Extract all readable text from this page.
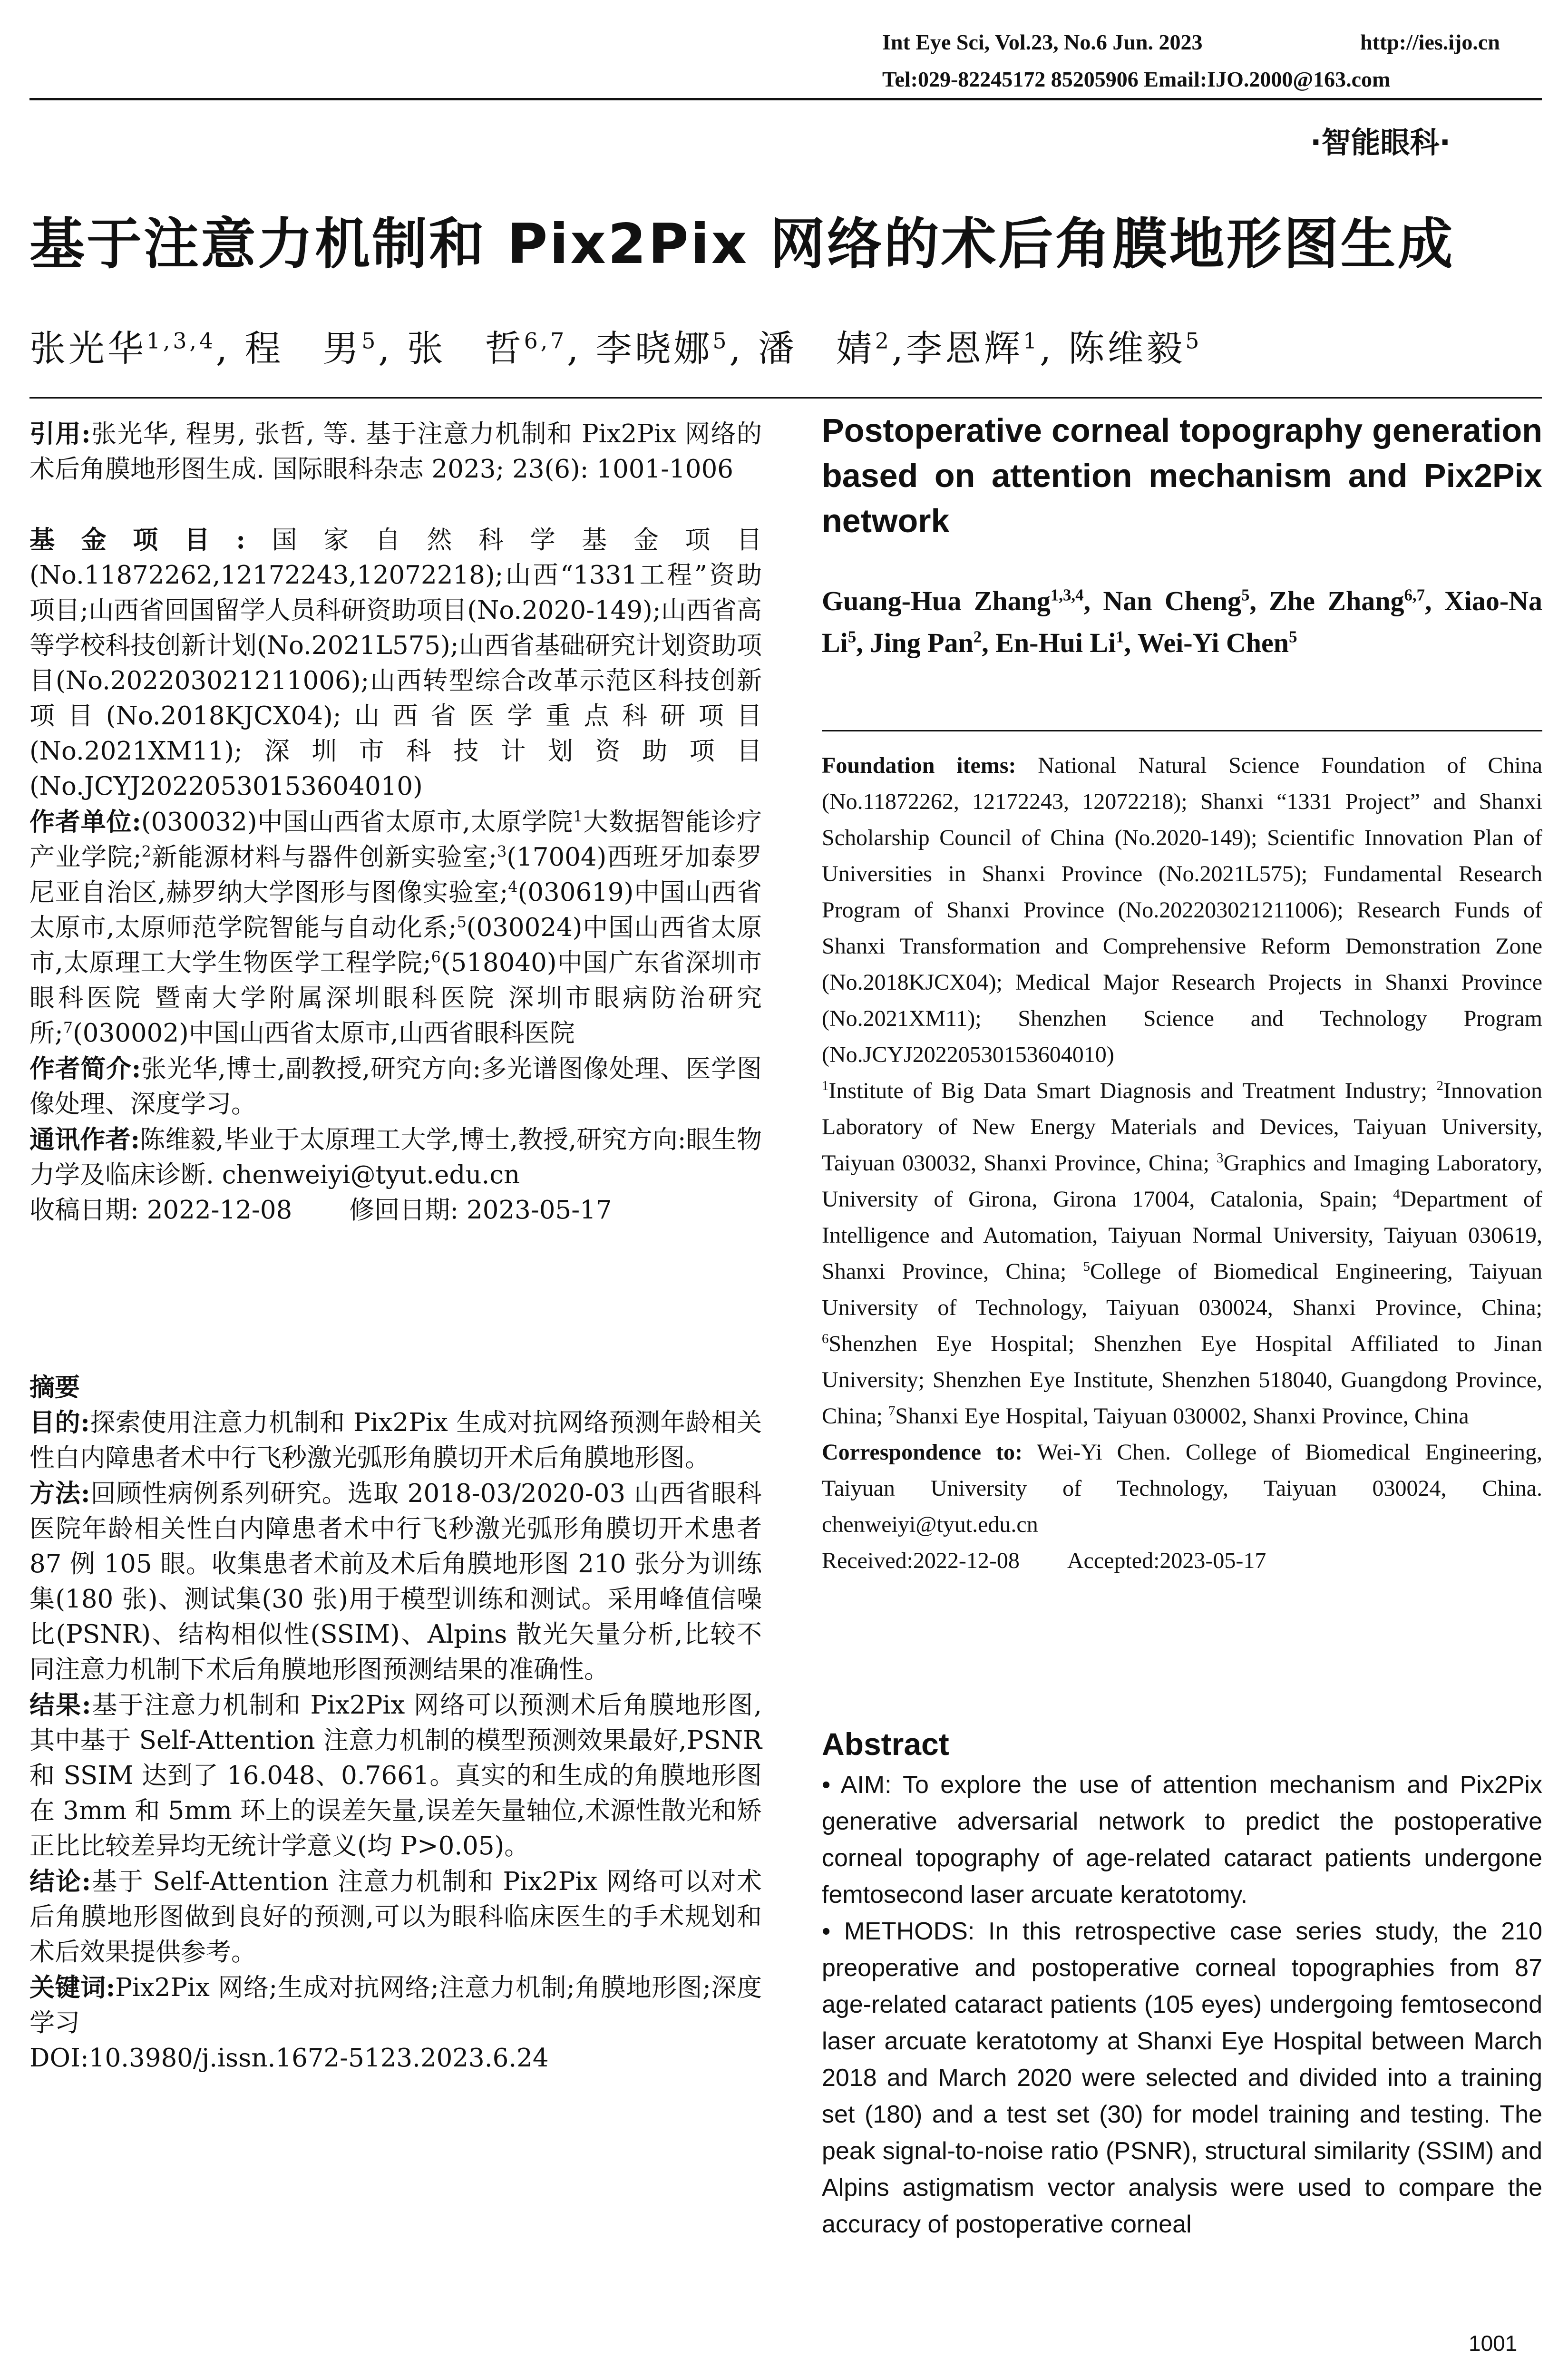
Int Eye Sci, Vol.23, No.6 Jun. 2023	http://ies.ijo.cn
Tel:029-82245172 85205906 Email:IJO.2000@163.com
·智能眼科·
基于注意力机制和 Pix2Pix 网络的术后角膜地形图生成
张光华$^{1,3,4}$, 程　男$^5$, 张　哲$^{6,7}$, 李晓娜$^5$, 潘　婧$^2$,李恩辉$^1$, 陈维毅$^5$

引用:张光华, 程男, 张哲, 等. 基于注意力机制和 Pix2Pix 网络的术后角膜地形图生成. 国际眼科杂志 2023; 23(6): 1001-1006

基金项目:国家自然科学基金项目(No.11872262,12172243,12072218);山西“1331工程”资助项目;山西省回国留学人员科研资助项目(No.2020-149);山西省高等学校科技创新计划(No.2021L575);山西省基础研究计划资助项目(No.202203021211006);山西转型综合改革示范区科技创新项目(No.2018KJCX04);山西省医学重点科研项目(No.2021XM11);深圳市科技计划资助项目(No.JCYJ20220530153604010)

作者单位:(030032)中国山西省太原市,太原学院$^1$大数据智能诊疗产业学院;$^2$新能源材料与器件创新实验室;$^3$(17004)西班牙加泰罗尼亚自治区,赫罗纳大学图形与图像实验室;$^4$(030619)中国山西省太原市,太原师范学院智能与自动化系;$^5$(030024)中国山西省太原市,太原理工大学生物医学工程学院;$^6$(518040)中国广东省深圳市眼科医院 暨南大学附属深圳眼科医院 深圳市眼病防治研究所;$^7$(030002)中国山西省太原市,山西省眼科医院

作者简介:张光华,博士,副教授,研究方向:多光谱图像处理、医学图像处理、深度学习。

通讯作者:陈维毅,毕业于太原理工大学,博士,教授,研究方向:眼生物力学及临床诊断. chenweiyi@tyut.edu.cn

收稿日期: 2022-12-08 修回日期: 2023-05-17

摘要

目的:探索使用注意力机制和 Pix2Pix 生成对抗网络预测年龄相关性白内障患者术中行飞秒激光弧形角膜切开术后角膜地形图。

方法:回顾性病例系列研究。选取 2018-03/2020-03 山西省眼科医院年龄相关性白内障患者术中行飞秒激光弧形角膜切开术患者 87 例 105 眼。收集患者术前及术后角膜地形图 210 张分为训练集(180 张)、测试集(30 张)用于模型训练和测试。采用峰值信噪比(PSNR)、结构相似性(SSIM)、Alpins 散光矢量分析,比较不同注意力机制下术后角膜地形图预测结果的准确性。

结果:基于注意力机制和 Pix2Pix 网络可以预测术后角膜地形图,其中基于 Self-Attention 注意力机制的模型预测效果最好,PSNR 和 SSIM 达到了 16.048、0.7661。真实的和生成的角膜地形图在 3mm 和 5mm 环上的误差矢量,误差矢量轴位,术源性散光和矫正比比较差异均无统计学意义(均 P>0.05)。

结论:基于 Self-Attention 注意力机制和 Pix2Pix 网络可以对术后角膜地形图做到良好的预测,可以为眼科临床医生的手术规划和术后效果提供参考。

关键词:Pix2Pix 网络;生成对抗网络;注意力机制;角膜地形图;深度学习

DOI:10.3980/j.issn.1672-5123.2023.6.24

Postoperative corneal topography generation based on attention mechanism and Pix2Pix network
Guang-Hua Zhang$^{1,3,4}$, Nan Cheng$^5$, Zhe Zhang$^{6,7}$, Xiao-Na Li$^5$, Jing Pan$^2$, En-Hui Li$^1$, Wei-Yi Chen$^5$
Foundation items: National Natural Science Foundation of China (No.11872262, 12172243, 12072218); Shanxi “1331 Project” and Shanxi Scholarship Council of China (No.2020-149); Scientific Innovation Plan of Universities in Shanxi Province (No.2021L575); Fundamental Research Program of Shanxi Province (No.202203021211006); Research Funds of Shanxi Transformation and Comprehensive Reform Demonstration Zone (No.2018KJCX04); Medical Major Research Projects in Shanxi Province (No.2021XM11); Shenzhen Science and Technology Program (No.JCYJ20220530153604010)
$^1$Institute of Big Data Smart Diagnosis and Treatment Industry; $^2$Innovation Laboratory of New Energy Materials and Devices, Taiyuan University, Taiyuan 030032, Shanxi Province, China; $^3$Graphics and Imaging Laboratory, University of Girona, Girona 17004, Catalonia, Spain; $^4$Department of Intelligence and Automation, Taiyuan Normal University, Taiyuan 030619, Shanxi Province, China; $^5$College of Biomedical Engineering, Taiyuan University of Technology, Taiyuan 030024, Shanxi Province, China; $^6$Shenzhen Eye Hospital; Shenzhen Eye Hospital Affiliated to Jinan University; Shenzhen Eye Institute, Shenzhen 518040, Guangdong Province, China; $^7$Shanxi Eye Hospital, Taiyuan 030002, Shanxi Province, China
Correspondence to: Wei-Yi Chen. College of Biomedical Engineering, Taiyuan University of Technology, Taiyuan 030024, China. chenweiyi@tyut.edu.cn
Received:2022-12-08 Accepted:2023-05-17
Abstract
• AIM: To explore the use of attention mechanism and Pix2Pix generative adversarial network to predict the postoperative corneal topography of age-related cataract patients undergone femtosecond laser arcuate keratotomy.
• METHODS: In this retrospective case series study, the 210 preoperative and postoperative corneal topographies from 87 age-related cataract patients (105 eyes) undergoing femtosecond laser arcuate keratotomy at Shanxi Eye Hospital between March 2018 and March 2020 were selected and divided into a training set (180) and a test set (30) for model training and testing. The peak signal-to-noise ratio (PSNR), structural similarity (SSIM) and Alpins astigmatism vector analysis were used to compare the accuracy of postoperative corneal
1001
